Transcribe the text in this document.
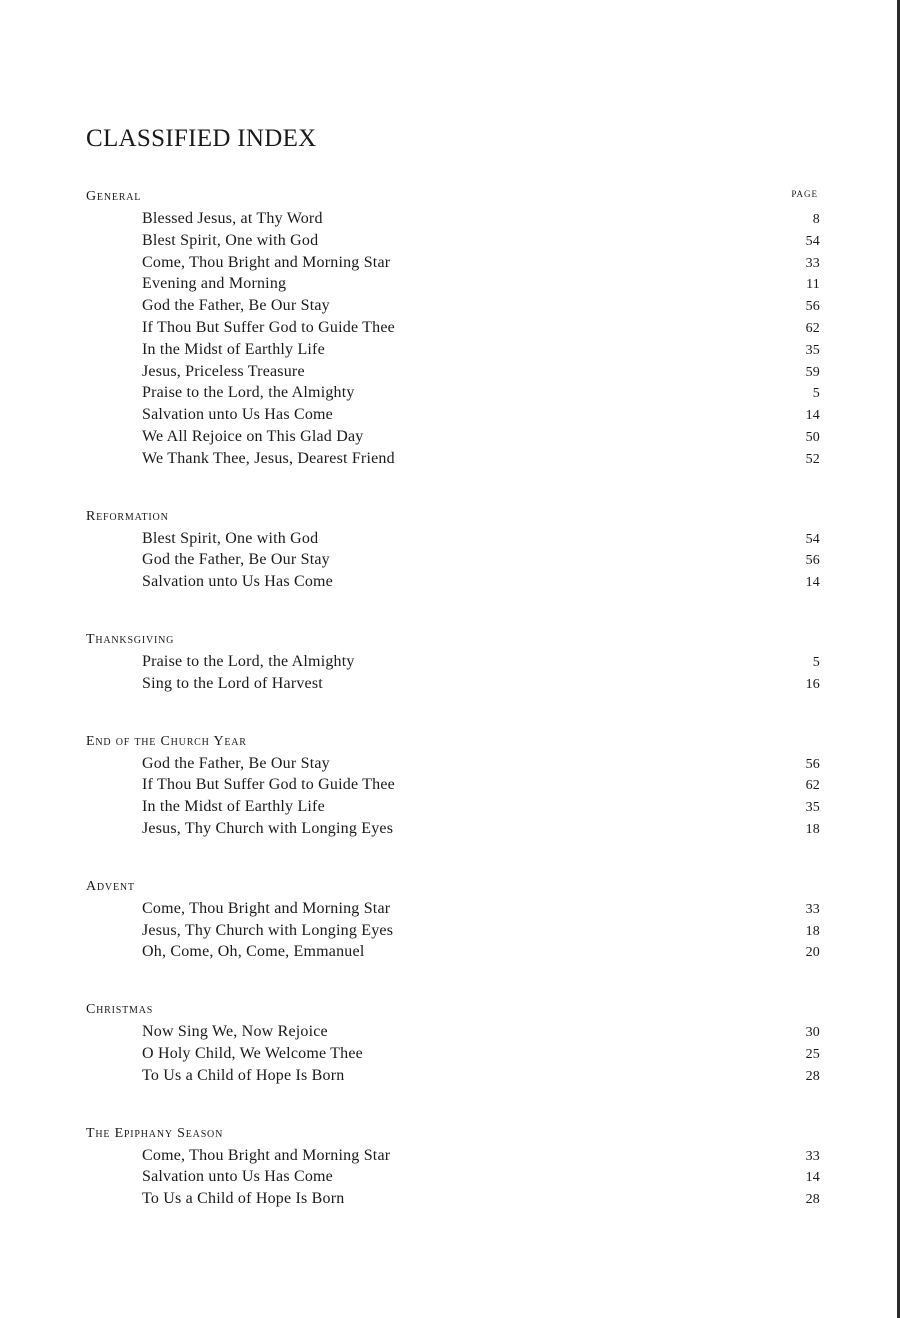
CLASSIFIED INDEX
PAGE
General
Blessed Jesus, at Thy Word	8
Blest Spirit, One with God	54
Come, Thou Bright and Morning Star	33
Evening and Morning	11
God the Father, Be Our Stay	56
If Thou But Suffer God to Guide Thee	62
In the Midst of Earthly Life	35
Jesus, Priceless Treasure	59
Praise to the Lord, the Almighty	5
Salvation unto Us Has Come	14
We All Rejoice on This Glad Day	50
We Thank Thee, Jesus, Dearest Friend	52
Reformation
Blest Spirit, One with God	54
God the Father, Be Our Stay	56
Salvation unto Us Has Come	14
Thanksgiving
Praise to the Lord, the Almighty	5
Sing to the Lord of Harvest	16
End of the Church Year
God the Father, Be Our Stay	56
If Thou But Suffer God to Guide Thee	62
In the Midst of Earthly Life	35
Jesus, Thy Church with Longing Eyes	18
Advent
Come, Thou Bright and Morning Star	33
Jesus, Thy Church with Longing Eyes	18
Oh, Come, Oh, Come, Emmanuel	20
Christmas
Now Sing We, Now Rejoice	30
O Holy Child, We Welcome Thee	25
To Us a Child of Hope Is Born	28
The Epiphany Season
Come, Thou Bright and Morning Star	33
Salvation unto Us Has Come	14
To Us a Child of Hope Is Born	28
